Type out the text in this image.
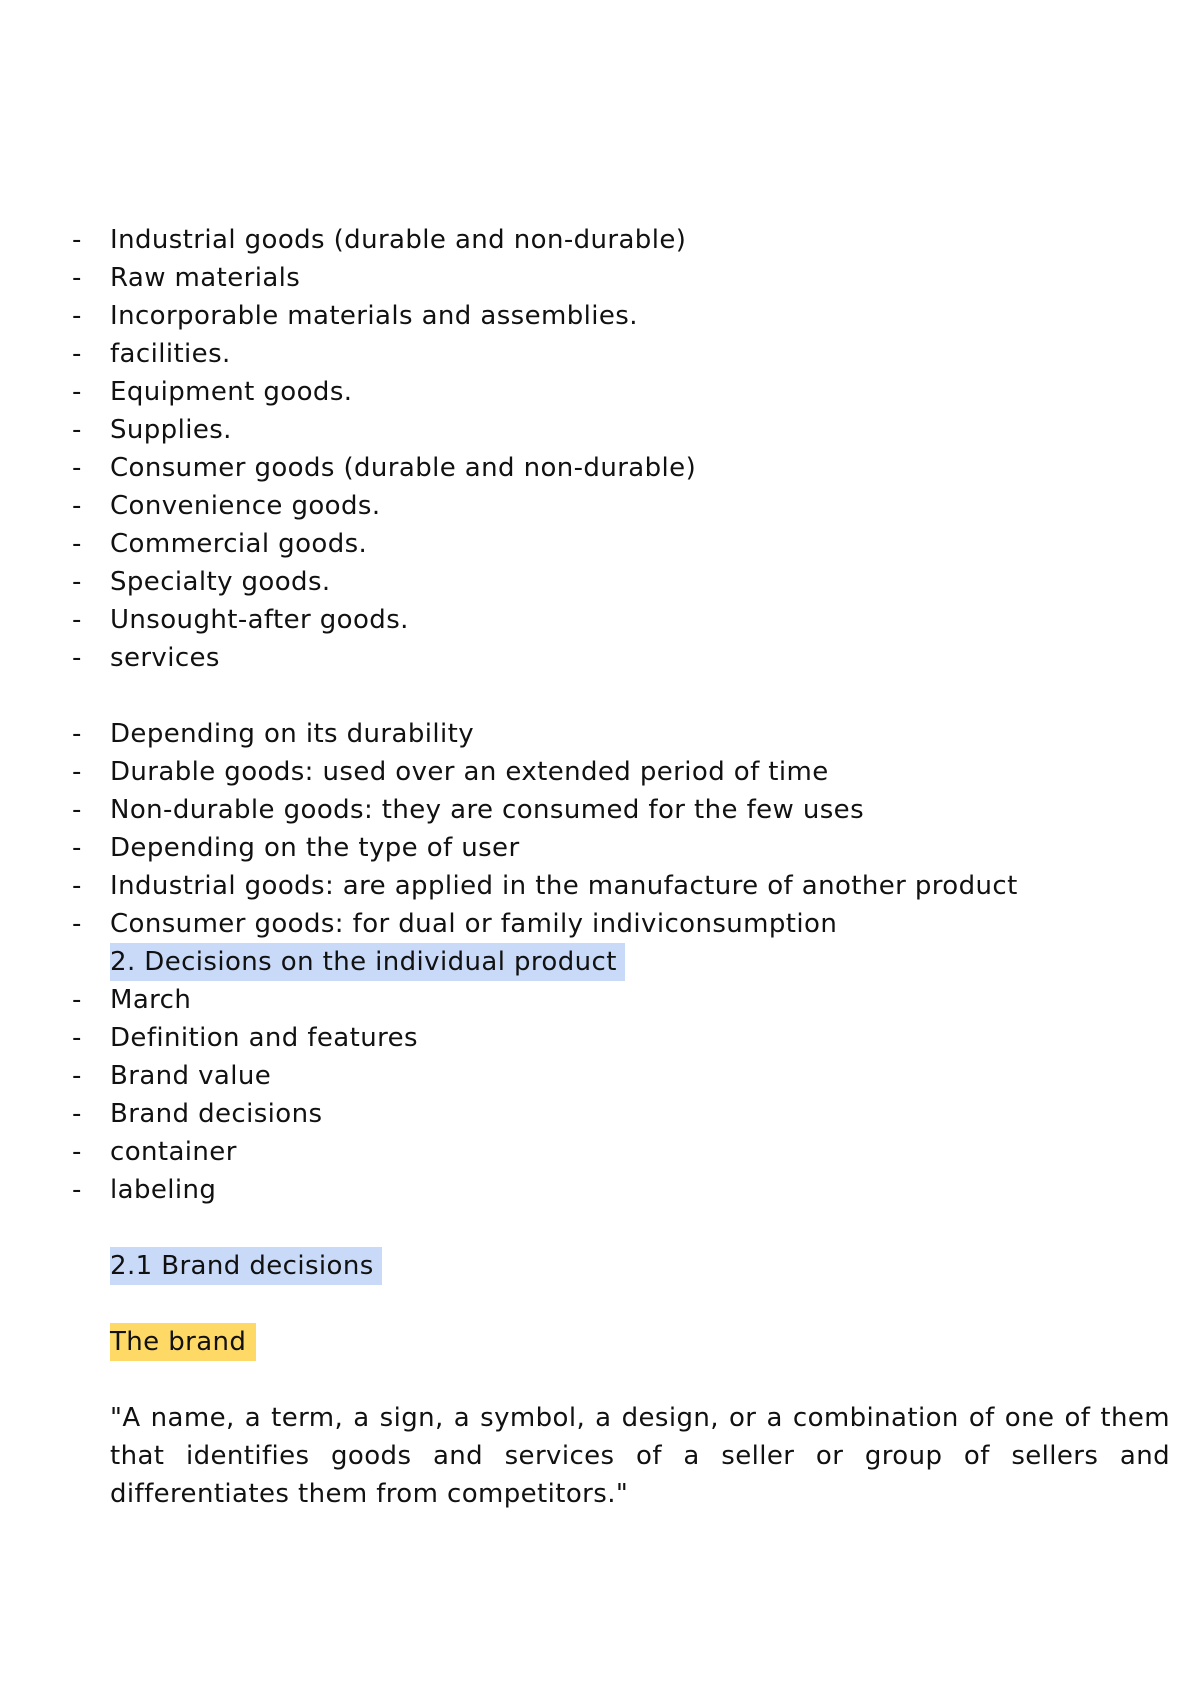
-	Industrial goods (durable and non-durable)
-	Raw materials
-	Incorporable materials and assemblies.
-	facilities.
-	Equipment goods.
-	Supplies.
-	Consumer goods (durable and non-durable)
-	Convenience goods.
-	Commercial goods.
-	Specialty goods.
-	Unsought-after goods.
-	services
-	Depending on its durability
-	Durable goods: used over an extended period of time
-	Non-durable goods: they are consumed for the few uses
-	Depending on the type of user
-	Industrial goods: are applied in the manufacture of another product
-	Consumer goods: for dual or family indiviconsumption
2. Decisions on the individual product
-	March
-	Definition and features
-	Brand value
-	Brand decisions
-	container
-	labeling
2.1 Brand decisions
The brand
"A name, a term, a sign, a symbol, a design, or a combination of one of them that identifies goods and services of a seller or group of sellers and differentiates them from competitors."
